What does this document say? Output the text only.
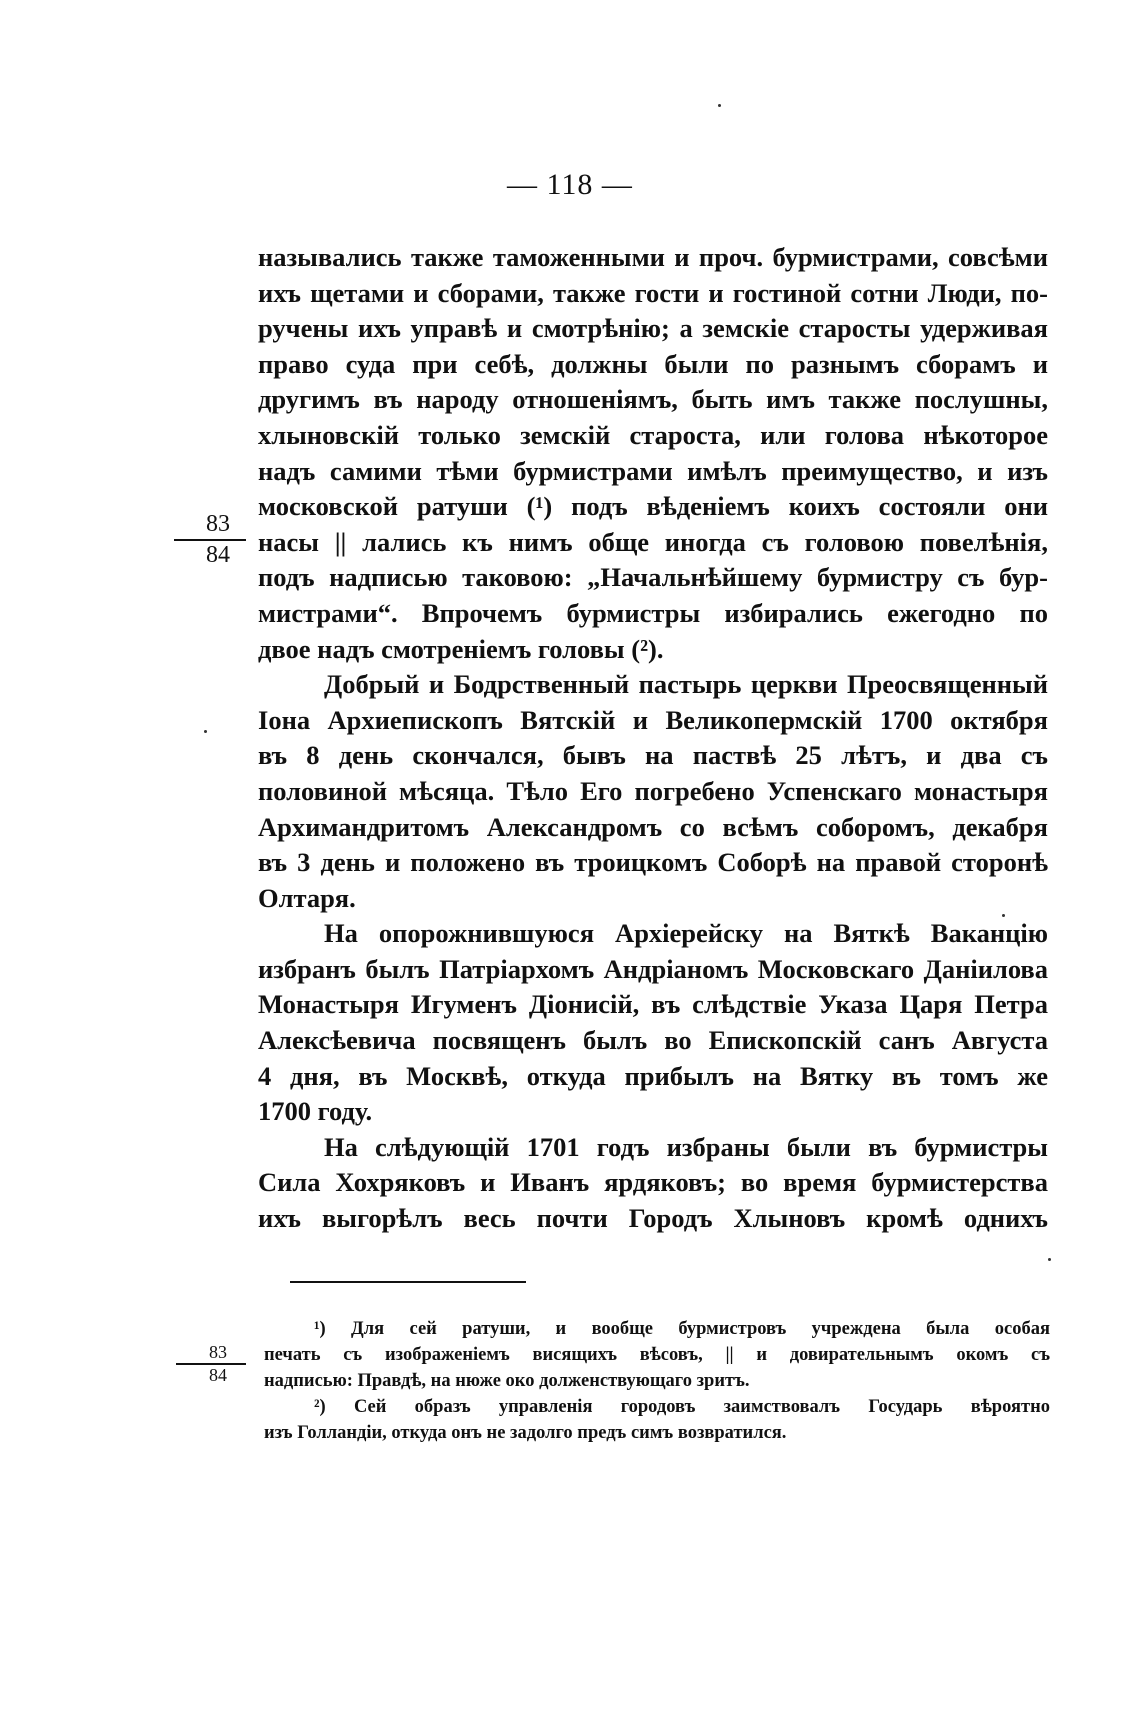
— 118 —
83
84
назывались также таможенными и проч. бурмистрами, совсѣми
ихъ щетами и сборами, также гости и гостиной сотни Люди, по-
ручены ихъ управѣ и смотрѣнію; а земскіе старосты удерживая
право суда при себѣ, должны были по разнымъ сборамъ и
другимъ въ народу отношеніямъ, быть имъ также послушны,
хлыновскій только земскій староста, или голова нѣкоторое
надъ самими тѣми бурмистрами имѣлъ преимущество, и изъ
московской ратуши (¹) подъ вѣденіемъ коихъ состояли они
насы || лались къ нимъ обще иногда съ головою повелѣнія,
подъ надписью таковою: „Начальнѣйшему бурмистру съ бур-
мистрами“. Впрочемъ бурмистры избирались ежегодно по
двое надъ смотреніемъ головы (²).
Добрый и Бодрственный пастырь церкви Преосвященный
Іона Архиепископъ Вятскій и Великопермскій 1700 октября
въ 8 день скончался, бывъ на паствѣ 25 лѣтъ, и два съ
половиной мѣсяца. Тѣло Его погребено Успенскаго монастыря
Архимандритомъ Александромъ со всѣмъ соборомъ, декабря
въ 3 день и положено въ троицкомъ Соборѣ на правой сторонѣ
Олтаря.
На опорожнившуюся Архіерейску на Вяткѣ Ваканцію
избранъ былъ Патріархомъ Андріаномъ Московскаго Даніилова
Монастыря Игуменъ Діонисій, въ слѣдствіе Указа Царя Петра
Алексѣевича посвященъ былъ во Епископскій санъ Августа
4 дня, въ Москвѣ, откуда прибылъ на Вятку въ томъ же
1700 году.
На слѣдующій 1701 годъ избраны были въ бурмистры
Сила Хохряковъ и Иванъ ярдяковъ; во время бурмистерства
ихъ выгорѣлъ весь почти Городъ Хлыновъ кромѣ однихъ
83
84
¹) Для сей ратуши, и вообще бурмистровъ учреждена была особая
печать съ изображеніемъ висящихъ вѣсовъ, || и довирательнымъ окомъ съ
надписью: Правдѣ, на нюже око долженствующаго зритъ.
²) Сей образъ управленія городовъ заимствовалъ Государь вѣроятно
изъ Голландіи, откуда онъ не задолго предъ симъ возвратился.
